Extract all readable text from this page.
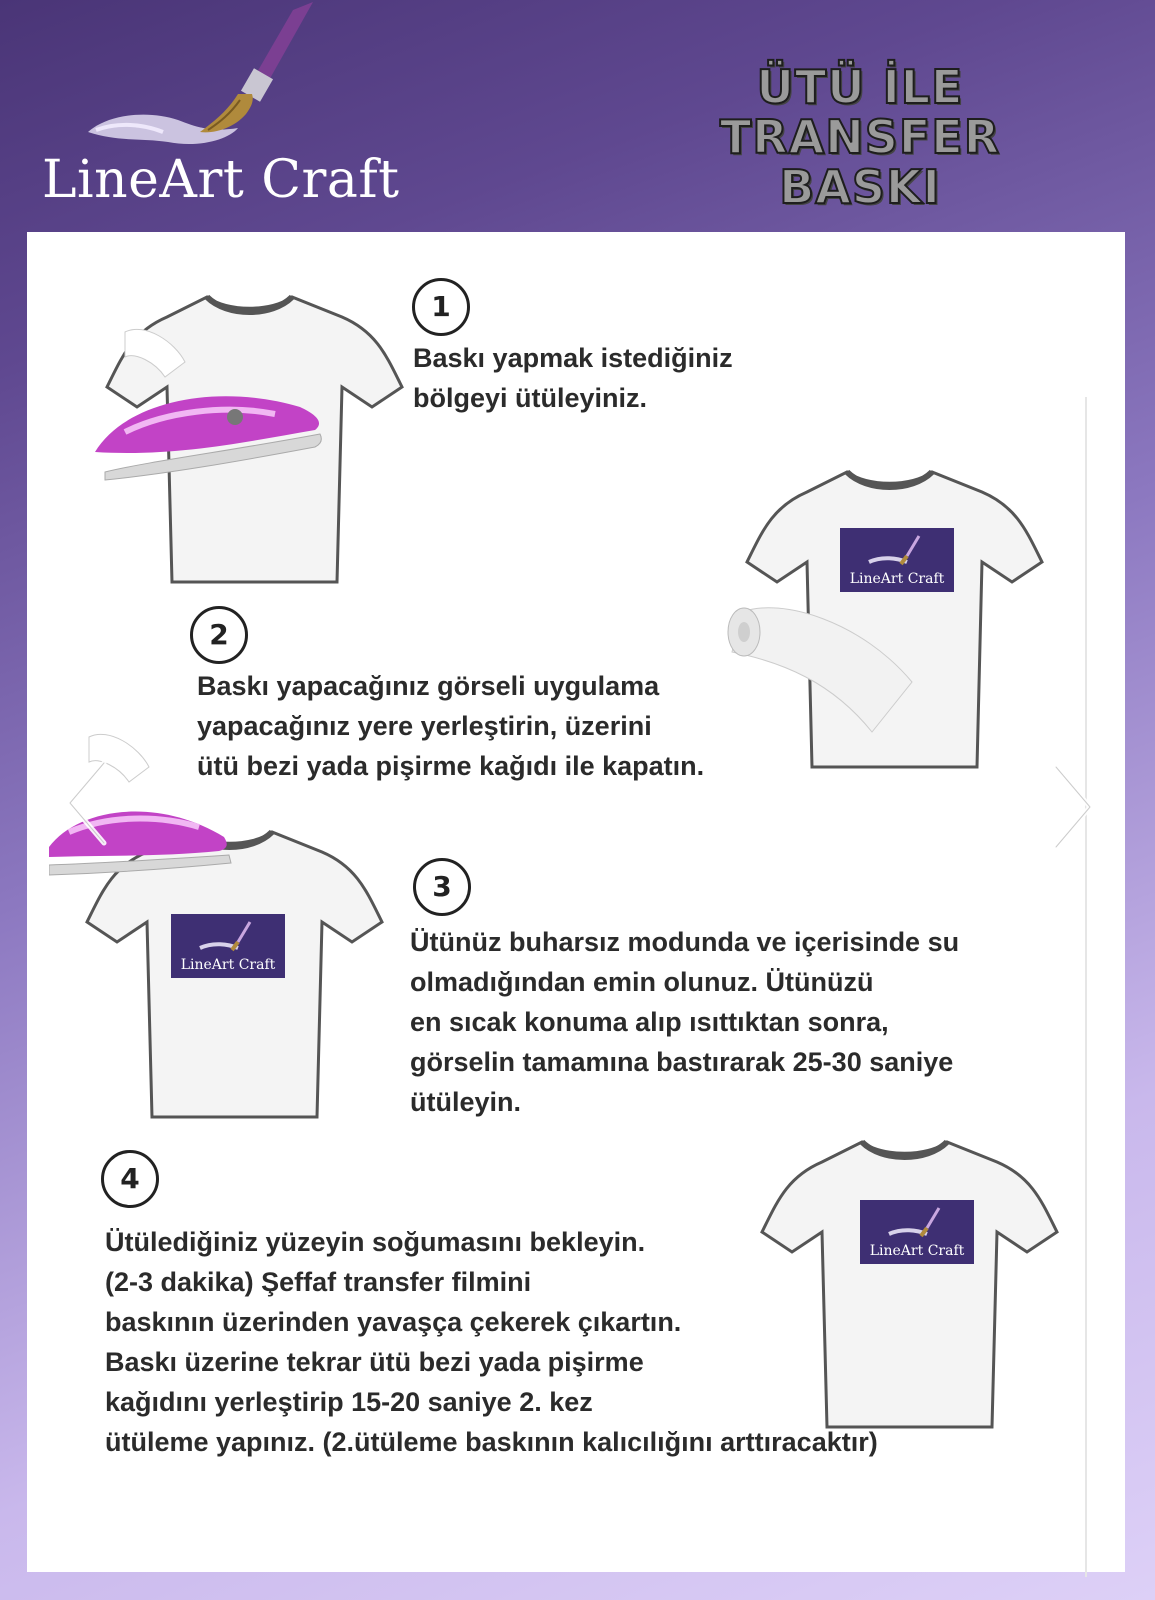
LineArt Craft
ÜTÜ İLE TRANSFER
BASKI
1
Baskı yapmak istediğiniz
bölgeyi ütüleyiniz.
LineArt Craft
2
Baskı yapacağınız görseli uygulama
yapacağınız yere yerleştirin, üzerini
ütü bezi yada pişirme kağıdı ile kapatın.
LineArt Craft
3
Ütünüz buharsız modunda ve içerisinde su
olmadığından emin olunuz. Ütünüzü
en sıcak konuma alıp ısıttıktan sonra,
görselin tamamına bastırarak 25-30 saniye
ütüleyin.
LineArt Craft
4
Ütülediğiniz yüzeyin soğumasını bekleyin.
(2-3 dakika) Şeffaf transfer filmini
baskının üzerinden yavaşça çekerek çıkartın.
Baskı üzerine tekrar ütü bezi yada pişirme
kağıdını yerleştirip 15-20 saniye 2. kez
ütüleme yapınız. (2.ütüleme baskının kalıcılığını arttıracaktır)
